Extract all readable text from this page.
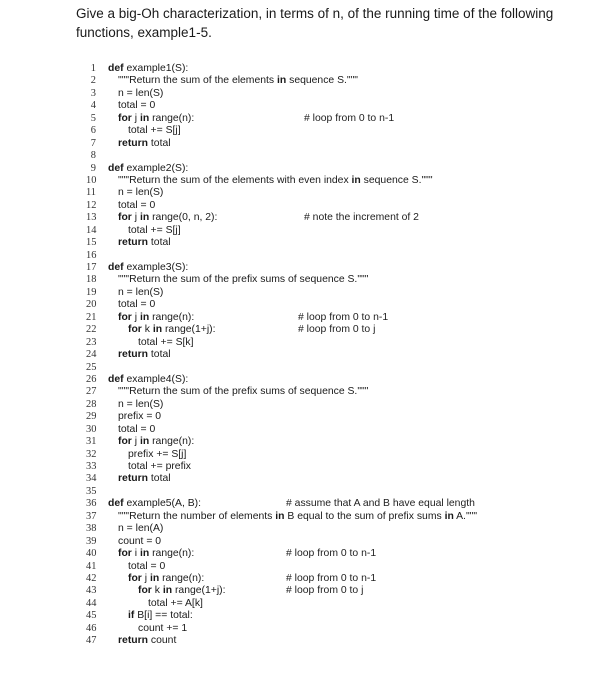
Give a big-Oh characterization, in terms of n, of the running time of the following functions, example1-5.
1 def example1(S):
2 """Return the sum of the elements in sequence S."""
3 n = len(S)
4 total = 0
5 for j in range(n):	# loop from 0 to n-1
6	total += S[j]
7 return total
8
9 def example2(S):
10 """Return the sum of the elements with even index in sequence S."""
11 n = len(S)
12 total = 0
13 for j in range(0, n, 2):	# note the increment of 2
14	total += S[j]
15 return total
16
17 def example3(S):
18 """Return the sum of the prefix sums of sequence S."""
19 n = len(S)
20 total = 0
21 for j in range(n):	# loop from 0 to n-1
22	for k in range(1+j):	# loop from 0 to j
23	total += S[k]
24 return total
25
26 def example4(S):
27 """Return the sum of the prefix sums of sequence S."""
28 n = len(S)
29 prefix = 0
30 total = 0
31 for j in range(n):
32	prefix += S[j]
33	total += prefix
34 return total
35
36 def example5(A, B):	# assume that A and B have equal length
37 """Return the number of elements in B equal to the sum of prefix sums in A."""
38 n = len(A)
39 count = 0
40 for i in range(n):	# loop from 0 to n-1
41	total = 0
42	for j in range(n):	# loop from 0 to n-1
43	for k in range(1+j):	# loop from 0 to j
44	total += A[k]
45	if B[i] == total:
46	count += 1
47 return count
